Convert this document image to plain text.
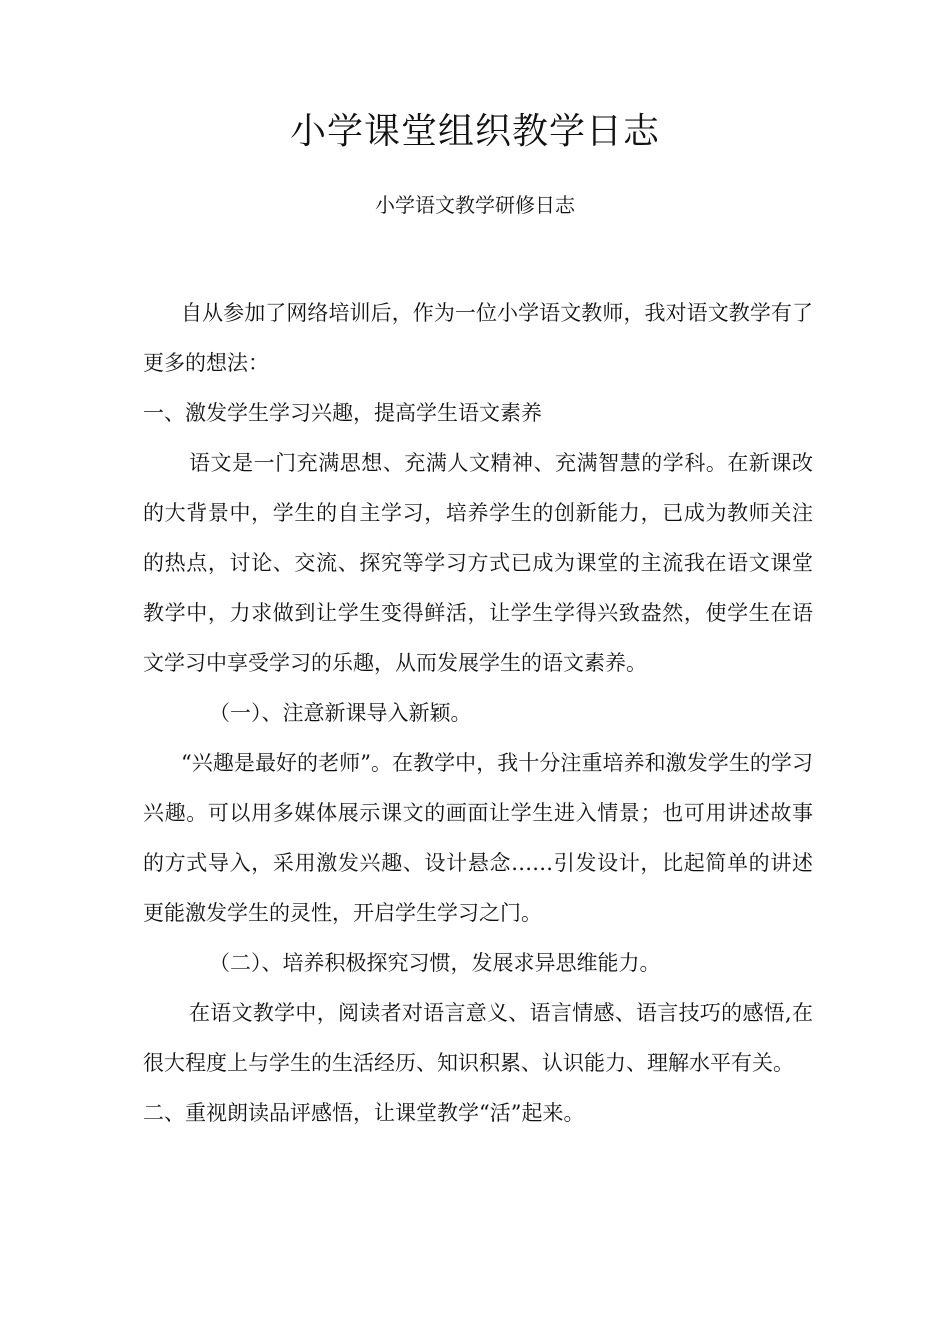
小学课堂组织教学日志
小学语文教学研修日志

自从参加了网络培训后，作为一位小学语文教师，我对语文教学有了更多的想法：

一、激发学生学习兴趣，提高学生语文素养

语文是一门充满思想、充满人文精神、充满智慧的学科。在新课改的大背景中，学生的自主学习，培养学生的创新能力，已成为教师关注的热点，讨论、交流、探究等学习方式已成为课堂的主流我在语文课堂教学中，力求做到让学生变得鲜活，让学生学得兴致盎然，使学生在语文学习中享受学习的乐趣，从而发展学生的语文素养。

（一）、注意新课导入新颖。

“兴趣是最好的老师”。在教学中，我十分注重培养和激发学生的学习兴趣。可以用多媒体展示课文的画面让学生进入情景；也可用讲述故事的方式导入，采用激发兴趣、设计悬念……引发设计，比起简单的讲述更能激发学生的灵性，开启学生学习之门。

（二）、培养积极探究习惯，发展求异思维能力。

在语文教学中，阅读者对语言意义、语言情感、语言技巧的感悟,在很大程度上与学生的生活经历、知识积累、认识能力、理解水平有关。

二、重视朗读品评感悟，让课堂教学“活”起来。
